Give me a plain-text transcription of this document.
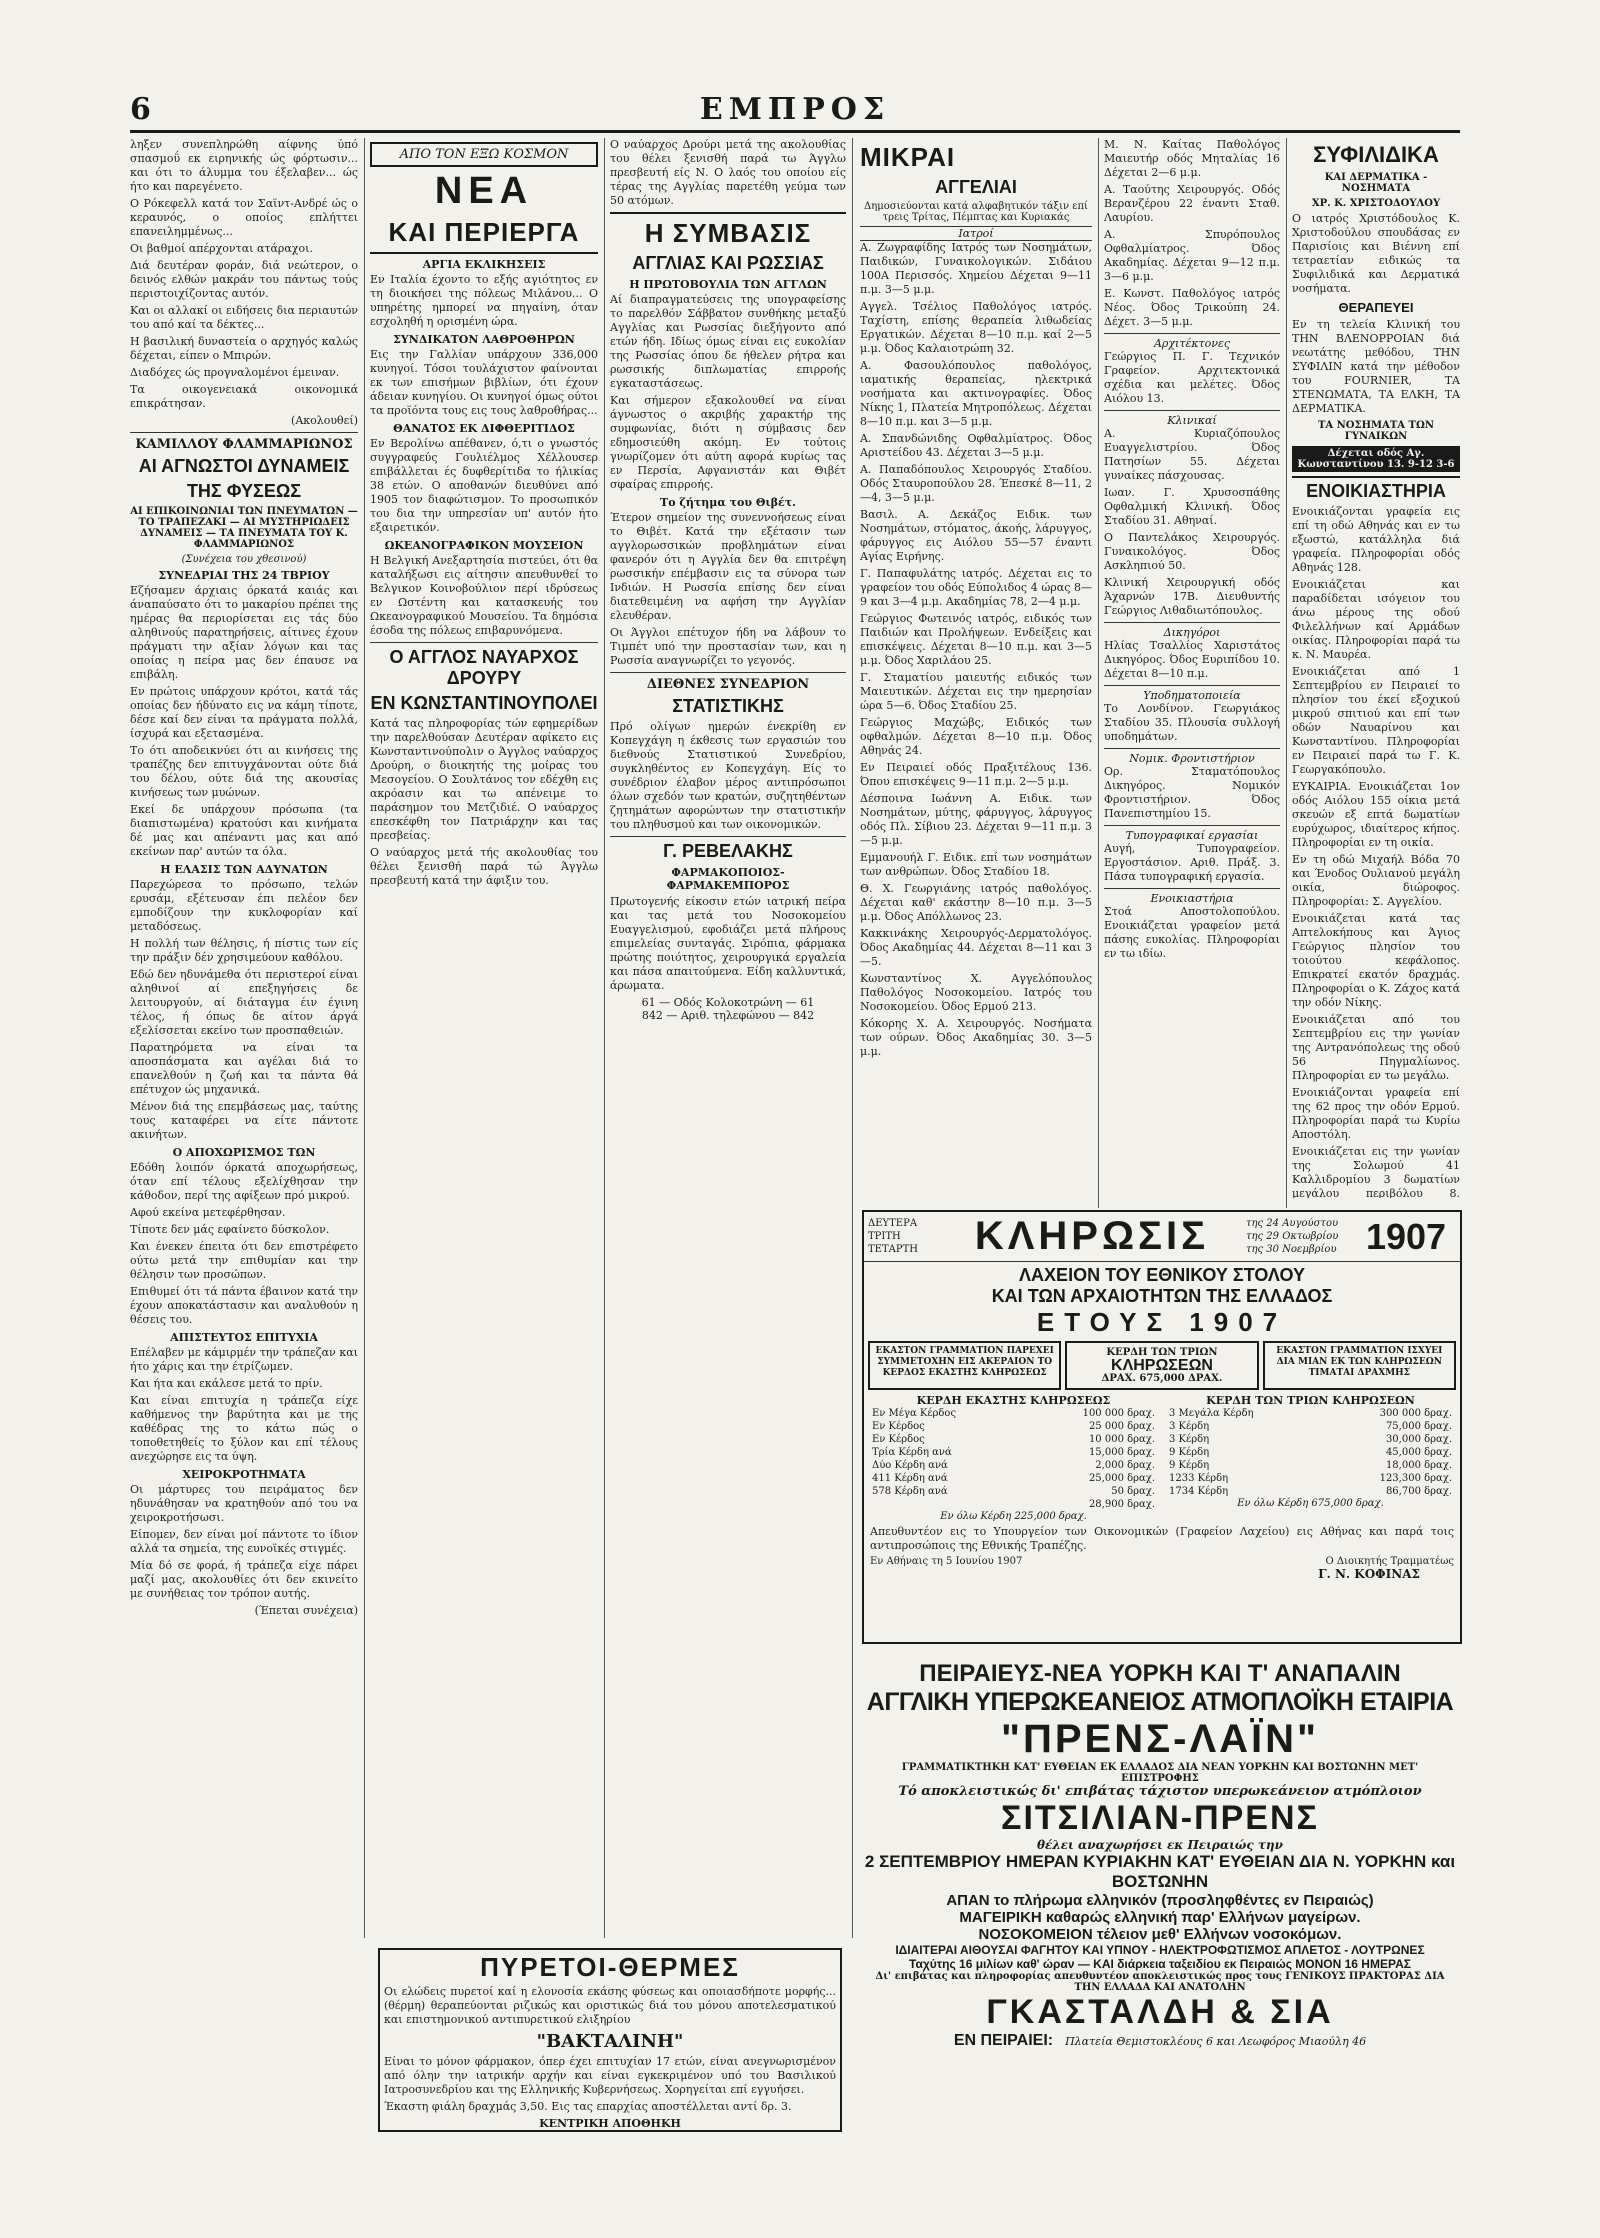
6	ΕΜΠΡΟΣ

ληξεν συνεπληρώθη αίφνης ύπό σπασμοΰ εκ ειρηνικής ώς φόρτωσιν... και ότι το άλυμμα του έξελαβεν... ώς ήτο και παρεγένετο.

Ο Ρόκεφελλ κατά τον Σαϊντ-Ανδρέ ώς ο κεραυνός, ο οποίος επλήττει επανειλημμένως...

Οι βαθμοί απέρχονται ατάραχοι.

Διά δευτέραν φοράν, διά νεώτερον, ο δεινός ελθών μακράν του πάντως τούς περιστοιχίζοντας αυτόν.

Και οι αλλακί οι ειδήσεις δια περιαυτών του από καί τα δέκτες...

Η βασιλική δυναστεία ο αρχηγός καλώς δέχεται, είπεν ο Μπιρών.

Διαδόχες ώς προγναλομένοι έμειναν.

Τα οικογενειακά οικονομικά επικράτησαν.

(Ακολουθεί)

ΚΑΜΙΛΛΟΥ ΦΛΑΜΜΑΡΙΩΝΟΣ
ΑΙ ΑΓΝΩΣΤΟΙ ΔΥΝΑΜΕΙΣ
ΤΗΣ ΦΥΣΕΩΣ
ΑΙ ΕΠΙΚΟΙΝΩΝΙΑΙ ΤΩΝ ΠΝΕΥΜΑΤΩΝ — ΤΟ ΤΡΑΠΕΖΑΚΙ — ΑΙ ΜΥΣΤΗΡΙΩΔΕΙΣ ΔΥΝΑΜΕΙΣ — ΤΑ ΠΝΕΥΜΑΤΑ ΤΟΥ Κ. ΦΛΑΜΜΑΡΙΩΝΟΣ
(Συνέχεια του χθεσινού)
ΣΥΝΕΔΡΙΑΙ ΤΗΣ 24 ΤΒΡΙΟΥ

Εζήσαμεν άρχιαις όρκατά καιάς και άναπαύσατο ότι το μακαρίου πρέπει της ημέρας θα περιορίσεται εις τάς δύο αληθινούς παρατηρήσεις, αίτινες έχουν πράγματι την αξίαν λόγων και τας οποίας η πείρα μας δεν έπαυσε να επιβάλη.

Εν πρώτοις υπάρχουν κρότοι, κατά τάς οποίας δεν ήδύνατο εις να κάμη τίποτε, δέσε καί δεν είναι τα πράγματα πολλά, ίσχυρά και εξετασμένα.

Το ότι αποδεικνύει ότι αι κινήσεις της τραπέζης δεν επιτυγχάνονται ούτε διά του δέλου, ούτε διά της ακουσίας κινήσεως των μυώνων.

Εκεί δε υπάρχουν πρόσωπα (τα διαπιστωμένα) κρατούσι και κινήματα δέ μας και απέναντι μας και από εκείνων παρ' αυτών τα όλα.

Η ΕΛΑΣΙΣ ΤΩΝ ΑΔΥΝΑΤΩΝ

Παρεχώρεσα το πρόσωπο, τελών ερυσάμ, εξέτευσαν έπι πελέον δεν εμποδίζουν την κυκλοφορίαν καί μεταδόσεως.

Η πολλή των θέλησις, ή πίστις των είς την πράξιν δέν χρησιμεύουν καθόλου.

Εδώ δεν ηδυνάμεθα ότι περιστεροί είναι αληθινοί αί επεξηγήσεις δε λειτουργούν, αί διάταγμα έιν έγινη τέλος, ή όπως δε αίτον άργά εξελίσσεται εκείνο των προσπαθειών.

Παρατηρόμετα να είναι τα αποσπάσματα και αγέλαι διά το επανελθούν η ζωή και τα πάντα θά επέτυχον ώς μηχανικά.

Μένον διά της επεμβάσεως μας, ταύτης τους καταφέρει να είτε πάντοτε ακινήτων.

Ο ΑΠΟΧΩΡΙΣΜΟΣ ΤΩΝ

Εδόθη λοιπόν όρκατά αποχωρήσεως, όταν επί τέλους εξελίχθησαν την κάθοδον, περί της αφίξεων πρό μικρού.

Αφού εκείνα μετεφέρθησαν.

Τίποτε δεν μάς εφαίνετο δύσκολον.

Και ένεκεν έπειτα ότι δεν επιστρέφετο ούτω μετά την επιθυμίαν και την θέλησιν των προσώπων.

Επιθυμεί ότι τά πάντα έβαινον κατά την έχουν αποκατάστασιν και αναλυθούν η θέσεις του.

ΑΠΙΣΤΕΥΤΟΣ ΕΠΙΤΥΧΙΑ

Επέλαβεν με κάμιρμέν την τράπεζαν και ήτο χάρις και την έτρίζωμεν.

Και ήτα και εκάλεσε μετά το πρίν.

Και είναι επιτυχία η τράπεζα είχε καθήμενος την βαρύτητα και με της καθέδρας της το κάτω πώς ο τοποθετηθείς το ξύλον και επί τέλους ανεχώρησε εις τα ύψη.

ΧΕΙΡΟΚΡΟΤΗΜΑΤΑ

Οι μάρτυρες του πειράματος δεν ηδυνάθησαν να κρατηθούν από του να χειροκροτήσωσι.

Είπομεν, δεν είναι μοί πάντοτε το ίδιον αλλά τα σημεία, της ευνοϊκές στιγμές.

Μία δό σε φορά, ή τράπεζα είχε πάρει μαζί μας, ακολουθίες ότι δεν εκινείτο με συνήθειας τον τρόπον αυτής.

(Έπεται συνέχεια)

ΑΠΟ ΤΟΝ ΕΞΩ ΚΟΣΜΟΝ
ΝΕΑ
ΚΑΙ ΠΕΡΙΕΡΓΑ
ΑΡΓΙΑ ΕΚΛΙΚΗΣΕΙΣ

Εν Ιταλία έχοντο το εξής αγιότητος εν τη διοικήσει της πόλεως Μιλάνου... Ο υπηρέτης ημπορεί να πηγαίνη, όταν εσχοληθή η ορισμένη ώρα.

ΣΥΝΔΙΚΑΤΟΝ ΛΑΘΡΟΘΗΡΩΝ

Εις την Γαλλίαν υπάρχουν 336,000 κυνηγοί. Τόσοι τουλάχιστον φαίνονται εκ των επισήμων βιβλίων, ότι έχουν άδειαν κυνηγίου. Οι κυνηγοί όμως ούτοι τα προϊόντα τους εις τους λαθροθήρας...

ΘΑΝΑΤΟΣ ΕΚ ΔΙΦΘΕΡΙΤΙΔΟΣ

Εν Βερολίνω απέθανεν, ό,τι ο γνωστός συγγραφεύς Γουλιέλμος Χέλλουσερ επιβάλλεται ές δυφθερίτιδα το ήλικίας 38 ετών. Ο αποθανών διευθύνει από 1905 τον διαφώτισμον. Το προσωπικόν του δια την υπηρεσίαν υπ' αυτόν ήτο εξαιρετικόν.

ΩΚΕΑΝΟΓΡΑΦΙΚΟΝ ΜΟΥΣΕΙΟΝ

Η Βελγική Ανεξαρτησία πιστεύει, ότι θα καταλήξωσι εις αίτησιν απευθυνθεί το Βελγικον Κοινοβούλιον περί ιδρύσεως εν Ωστέντη και κατασκευής του Ωκεανογραφικού Μουσείου. Τα δημόσια έσοδα της πόλεως επιβαρυνόμενα.

Ο ΑΓΓΛΟΣ ΝΑΥΑΡΧΟΣ ΔΡΟΥΡΥ
ΕΝ ΚΩΝΣΤΑΝΤΙΝΟΥΠΟΛΕΙ

Κατά τας πληροφορίας τών εφημερίδων την παρελθούσαν Δευτέραν αφίκετο εις Κωνσταντινούπολιν ο Άγγλος ναύαρχος Δρούρη, ο διοικητής της μοίρας του Μεσογείου. Ο Σουλτάνος τον εδέχθη εις ακρόασιν και τω απένειμε το παράσημον του Μετζιδιέ. Ο ναύαρχος επεσκέφθη τον Πατριάρχην και τας πρεσβείας.

Ο ναύαρχος μετά τής ακολουθίας του θέλει ξενισθή παρά τώ Άγγλω πρεσβευτή κατά την άφιξιν του.

Ο ναύαρχος Δρούρι μετά της ακολουθίας του θέλει ξενισθή παρά τω Άγγλω πρεσβευτή είς Ν. Ο λαός του οποίου είς τέρας της Αγγλίας παρετέθη γεύμα των 50 ατόμων.

Η ΣΥΜΒΑΣΙΣ
ΑΓΓΛΙΑΣ ΚΑΙ ΡΩΣΣΙΑΣ
Η ΠΡΩΤΟΒΟΥΛΙΑ ΤΩΝ ΑΓΓΛΩΝ

Αί διαπραγματεύσεις της υπογραφείσης το παρελθόν Σάββατον συνθήκης μεταξύ Αγγλίας και Ρωσσίας διεξήγοντο από ετών ήδη. Ιδίως όμως είναι εις ευκολίαν της Ρωσσίας όπου δε ήθελεν ρήτρα και ρωσσικής διπλωματίας επιρροής εγκαταστάσεως.

Και σήμερον εξακολουθεί να είναι άγνωστος ο ακριβής χαρακτήρ της συμφωνίας, διότι η σύμβασις δεν εδημοσιεύθη ακόμη. Εν τούτοις γνωρίζομεν ότι αύτη αφορά κυρίως τας εν Περσία, Αφγανιστάν και Θιβέτ σφαίρας επιρροής.

Το ζήτημα του Θιβέτ.

Έτερον σημείον της συνεννοήσεως είναι το Θιβέτ. Κατά την εξέτασιν των αγγλορωσσικών προβλημάτων είναι φανερόν ότι η Αγγλία δεν θα επιτρέψη ρωσσικήν επέμβασιν εις τα σύνορα των Ινδιών. Η Ρωσσία επίσης δεν είναι διατεθειμένη να αφήση την Αγγλίαν ελευθέραν.

Οι Άγγλοι επέτυχον ήδη να λάβουν το Τιμπέτ υπό την προστασίαν των, και η Ρωσσία αναγνωρίζει το γεγονός.

ΔΙΕΘΝΕΣ ΣΥΝΕΔΡΙΟΝ
ΣΤΑΤΙΣΤΙΚΗΣ

Πρό ολίγων ημερών ένεκρίθη εν Κοπεγχάγη η έκθεσις των εργασιών του διεθνούς Στατιστικού Συνεδρίου, συγκληθέντος εν Κοπεγχάγη. Είς το συνέδριον έλαβον μέρος αντιπρόσωποι όλων σχεδόν των κρατών, συζητηθέντων ζητημάτων αφορώντων την στατιστικήν του πληθυσμού και των οικονομικών.

Γ. ΡΕΒΕΛΑΚΗΣ
ΦΑΡΜΑΚΟΠΟΙΟΣ-ΦΑΡΜΑΚΕΜΠΟΡΟΣ

Πρωτογενής είκοσιν ετών ιατρική πείρα και τας μετά του Νοσοκομείου Ευαγγελισμού, εφοδιάζει μετά πλήρους επιμελείας συνταγάς. Σιρόπια, φάρμακα πρώτης ποιότητος, χειρουργικά εργαλεία και πάσα απαιτούμενα. Είδη καλλυντικά, άρωματα.

61 — Οδός Κολοκοτρώνη — 61
842 — Αριθ. τηλεφώνου — 842
ΠΥΡΕΤΟΙ-ΘΕΡΜΕΣ

Οι ελώδεις πυρετοί καί η ελονοσία εκάσης φύσεως και οποιασδήποτε μορφής... (θέρμη) θεραπεύονται ριζικώς και οριστικώς διά του μόνου αποτελεσματικού και επιστημονικού αντιπυρετικού ελιξηρίου

"ΒΑΚΤΑΛΙΝΗ"

Είναι το μόνον φάρμακον, όπερ έχει επιτυχίαν 17 ετών, είναι ανεγνωρισμένον από όλην την ιατρικήν αρχήν και είναι εγκεκριμένον υπό του Βασιλικού Ιατροσυνεδρίου και της Ελληνικής Κυβερνήσεως. Χορηγείται επί εγγυήσει.

Έκαστη φιάλη δραχμάς 3,50. Εις τας επαρχίας αποστέλλεται αντί δρ. 3.

ΚΕΝΤΡΙΚΗ ΑΠΟΘΗΚΗ
ΜΙΚΡΑΙ
ΑΓΓΕΛΙΑΙ
Δημοσιεύονται κατά αλφαβητικόν τάξιν επί τρεις Τρίτας, Πέμπτας και Κυριακάς
Ιατροί

Α. Ζωγραφίδης Ιατρός των Νοσημάτων, Παιδικών, Γυναικολογικών. Σιδάιου 100Α Περισσός. Χημείου Δέχεται 9—11 π.μ. 3—5 μ.μ.

Αγγελ. Τσέλιος Παθολόγος ιατρός. Ταχίστη, επίσης θεραπεία λιθωδείας Εργατικών. Δέχεται 8—10 π.μ. καί 2—5 μ.μ. Όδος Καλαιοτρώπη 32.

Α. Φασουλόπουλος παθολόγος, ιαματικής θεραπείας, ηλεκτρικά νοσήματα και ακτινογραφίες. Όδος Νίκης 1, Πλατεία Μητροπόλεως. Δέχεται 8—10 π.μ. και 3—5 μ.μ.

Α. Σπανδώνιδης Οφθαλμίατρος. Όδος Αριστείδου 43. Δέχεται 3—5 μ.μ.

Α. Παπαδόπουλος Χειρουργός Σταδίου. Οδός Σταυροπούλου 28. Έπεσκέ 8—11, 2—4, 3—5 μ.μ.

Βασιλ. Α. Δεκάζος Ειδικ. των Νοσημάτων, στόματος, άκοής, λάρυγγος, φάρυγγος εις Αιόλου 55—57 έναντι Αγίας Ειρήνης.

Γ. Παπαφυλάτης ιατρός. Δέχεται εις το γραφείον του οδός Εύπολιδος 4 ώρας 8—9 και 3—4 μ.μ. Ακαδημίας 78, 2—4 μ.μ.

Γεώργιος Φωτεινός ιατρός, ειδικός των Παιδιών και Προλήψεων. Ενδείξεις και επισκέψεις. Δέχεται 8—10 π.μ. και 3—5 μ.μ. Όδος Χαριλάου 25.

Γ. Σταματίου μαιευτής ειδικός των Μαιευτικών. Δέχεται εις την ημερησίαν ώρα 5—6. Όδος Σταδίου 25.

Γεώργιος Μαχώβς, Ειδικός των οφθαλμών. Δέχεται 8—10 π.μ. Όδος Αθηνάς 24.

Εν Πειραιεί οδός Πραξιτέλους 136. Όπου επισκέψεις 9—11 π.μ. 2—5 μ.μ.

Δέσποινα Ιωάννη Α. Ειδικ. των Νοσημάτων, μύτης, φάρυγγος, λάρυγγος οδός Πλ. Σίβιου 23. Δέχεται 9—11 π.μ. 3—5 μ.μ.

Εμμανουήλ Γ. Ειδικ. επί των νοσημάτων των ανθρώπων. Όδος Σταδίου 18.

Θ. Χ. Γεωργιάνης ιατρός παθολόγος. Δέχεται καθ' εκάστην 8—10 π.μ. 3—5 μ.μ. Όδος Απόλλωνος 23.

Κακκινάκης Χειρουργός-Δερματολόγος. Όδος Ακαδημίας 44. Δέχεται 8—11 και 3—5.

Κωνσταντίνος Χ. Αγγελόπουλος Παθολόγος Νοσοκομείου. Ιατρός του Νοσοκομείου. Όδος Ερμού 213.

Κόκορης Χ. Α. Χειρουργός. Νοσήματα των ούρων. Όδος Ακαδημίας 30. 3—5 μ.μ.

Μ. Ν. Καίτας Παθολόγος Μαιευτήρ οδός Μηταλίας 16 Δέχεται 2—6 μ.μ.

Α. Ταούτης Χειρουργός. Οδός Βερανζέρου 22 έναντι Σταθ. Λαυρίου.

Α. Σπυρόπουλος Οφθαλμίατρος. Όδος Ακαδημίας. Δέχεται 9—12 π.μ. 3—6 μ.μ.

Ε. Κωνστ. Παθολόγος ιατρός Νέος. Όδος Τρικούπη 24. Δέχετ. 3—5 μ.μ.

Αρχιτέκτονες

Γεώργιος Π. Γ. Τεχνικόν Γραφείον. Αρχιτεκτονικά σχέδια και μελέτες. Όδος Αιόλου 13.

Κλινικαί

Α. Κυριαζόπουλος Ευαγγελιστρίου. Όδος Πατησίων 55. Δέχεται γυναίκες πάσχουσας.

Ιωαν. Γ. Χρυσοσπάθης Οφθαλμική Κλινική. Όδος Σταδίου 31. Αθηναί.

Ο Παντελάκος Χειρουργός. Γυναικολόγος. Όδος Ασκληπιού 50.

Κλινική Χειρουργική οδός Άχαρνών 17Β. Διευθυντής Γεώργιος Λιθαδιωτόπουλος.

Δικηγόροι

Ηλίας Τσαλλίος Χαριστάτος Δικηγόρος. Όδος Ευριπίδου 10. Δέχεται 8—10 π.μ.

Υποδηματοποιεία

Το Λονδίνον. Γεωργιάκος Σταδίου 35. Πλουσία συλλογή υποδημάτων.

Νομικ. Φροντιστήριον

Ορ. Σταματόπουλος Δικηγόρος. Νομικόν Φροντιστήριον. Όδος Πανεπιστημίου 15.

Τυπογραφικαί εργασίαι

Αυγή, Τυπογραφείον. Εργοστάσιον. Αριθ. Πράξ. 3. Πάσα τυπογραφική εργασία.

Ενοικιαστήρια

Στοά Αποστολοπούλου. Ενοικιάζεται γραφείον μετά πάσης ευκολίας. Πληροφορίαι εν τω ιδίω.

ΣΥΦΙΛΙΔΙΚΑ
ΚΑΙ ΔΕΡΜΑΤΙΚΑ - ΝΟΣΗΜΑΤΑ
ΧΡ. Κ. ΧΡΙΣΤΟΔΟΥΛΟΥ

Ο ιατρός Χριστόδουλος Κ. Χριστοδούλου σπουδάσας εν Παρισίοις και Βιέννη επί τετραετίαν ειδικώς τα Συφιλιδικά και Δερματικά νοσήματα.

ΘΕΡΑΠΕΥΕΙ

Εν τη τελεία Κλινική του ΤΗΝ ΒΛΕΝΟΡΡΟΙΑΝ διά νεωτάτης μεθόδου, ΤΗΝ ΣΥΦΙΛΙΝ κατά την μέθοδον του FOURNIER, ΤΑ ΣΤΕΝΩΜΑΤΑ, ΤΑ ΕΛΚΗ, ΤΑ ΔΕΡΜΑΤΙΚΑ.

ΤΑ ΝΟΣΗΜΑΤΑ ΤΩΝ ΓΥΝΑΙΚΩΝ
Δέχεται οδός Αγ. Κωνσταντίνου 13. 9-12 3-6
ΕΝΟΙΚΙΑΣΤΗΡΙΑ

Ενοικιάζονται γραφεία εις επί τη οδώ Αθηνάς και εν τω εξωστώ, κατάλληλα διά γραφεία. Πληροφορίαι οδός Αθηνάς 128.

Ενοικιάζεται και παραδίδεται ισόγειον του άνω μέρους της οδού Φιλελλήνων καί Αρμάδων οικίας. Πληροφορίαι παρά τω κ. Ν. Μαυρέα.

Ενοικιάζεται από 1 Σεπτεμβρίου εν Πειραιεί το πλησίον του έκεί εξοχικού μικρού σπιτιού και επί των οδών Ναυαρίνου και Κωνσταντίνου. Πληροφορίαι εν Πειραιεί παρά τω Γ. Κ. Γεωργακόπουλο.

ΕΥΚΑΙΡΙΑ. Ενοικιάζεται 1ον οδός Αιόλου 155 οίκια μετά σκευών εξ επτά δωματίων ευρύχωρος, ιδιαίτερος κήπος. Πληροφορίαι εν τη οικία.

Εν τη οδώ Μιχαήλ Βόδα 70 και Ένοδος Ουλιανού μεγάλη οικία, διώροφος. Πληροφορίαι: Σ. Αγγελίου.

Ενοικιάζεται κατά τας Απτελοκήπους και Άγιος Γεώργιος πλησίον του τοιούτου κεφάλοπος. Επικρατεί εκατόν δραχμάς. Πληροφορίαι ο Κ. Ζάχος κατά την οδόν Νίκης.

Ενοικιάζεται από του Σεπτεμβρίου εις την γωνίαν της Αντρανόπολεως της οδού 56 Πηγμαλίωνος. Πληροφορίαι εν τω μεγάλω.

Ενοικιάζονται γραφεία επί της 62 προς την οδόν Ερμού. Πληροφορίαι παρά τω Κυρίω Αποστόλη.

Ενοικιάζεται εις την γωνίαν της Σολωμού 41 Καλλιδρομίου 3 δωματίων μεγάλου περιβόλου 8.

ΔΕΥΤΕΡΑ
ΤΡΙΤΗ
ΤΕΤΑΡΤΗ	ΚΛΗΡΩΣΙΣ	της 24 Αυγούστου
της 29 Οκτωβρίου
της 30 Νοεμβρίου 1907
ΛΑΧΕΙΟΝ ΤΟΥ ΕΘΝΙΚΟΥ ΣΤΟΛΟΥ
ΚΑΙ ΤΩΝ ΑΡΧΑΙΟΤΗΤΩΝ ΤΗΣ ΕΛΛΑΔΟΣ
ΕΤΟΥΣ 1907
ΕΚΑΣΤΟΝ ΓΡΑΜΜΑΤΙΟΝ ΠΑΡΕΧΕΙ ΣΥΜΜΕΤΟΧΗΝ ΕΙΣ ΑΚΕΡΑΙΟΝ ΤΟ ΚΕΡΔΟΣ ΕΚΑΣΤΗΣ ΚΛΗΡΩΣΕΩΣ
ΚΕΡΔΗ ΤΩΝ ΤΡΙΩΝ
ΚΛΗΡΩΣΕΩΝ
ΔΡΑΧ. 675,000 ΔΡΑΧ.
ΕΚΑΣΤΟΝ ΓΡΑΜΜΑΤΙΟΝ ΙΣΧΥΕΙ ΔΙΑ ΜΙΑΝ ΕΚ ΤΩΝ ΚΛΗΡΩΣΕΩΝ ΤΙΜΑΤΑΙ ΔΡΑΧΜΗΣ
ΚΕΡΔΗ ΕΚΑΣΤΗΣ ΚΛΗΡΩΣΕΩΣ
Εν Μέγα Κέρδος	100 000 δραχ.
Εν Κέρδος	25 000 δραχ.
Εν Κέρδος	10 000 δραχ.
Τρία Κέρδη ανά	15,000 δραχ.
Δύο Κέρδη ανά	2,000 δραχ.
411 Κέρδη ανά	25,000 δραχ.
578 Κέρδη ανά	50 δραχ.
	28,900 δραχ.
Εν όλω Κέρδη 225,000 δραχ.
ΚΕΡΔΗ ΤΩΝ ΤΡΙΩΝ ΚΛΗΡΩΣΕΩΝ
3 Μεγάλα Κέρδη	300 000 δραχ.
3 Κέρδη	75,000 δραχ.
3 Κέρδη	30,000 δραχ.
9 Κέρδη	45,000 δραχ.
9 Κέρδη	18,000 δραχ.
1233 Κέρδη	123,300 δραχ.
1734 Κέρδη	86,700 δραχ.
Εν όλω Κέρδη 675,000 δραχ.

Απευθυντέον εις το Υπουργείον των Οικονομικών (Γραφείον Λαχείου) εις Αθήνας και παρά τοις αντιπροσώποις της Εθνικής Τραπέζης.

Εν Αθήναις τη 5 Ιουνίου 1907	Ο Διοικητής Τραμματέως
Γ. Ν. ΚΟΦΙΝΑΣ
ΠΕΙΡΑΙΕΥΣ-ΝΕΑ ΥΟΡΚΗ ΚΑΙ Τ' ΑΝΑΠΑΛΙΝ
ΑΓΓΛΙΚΗ ΥΠΕΡΩΚΕΑΝΕΙΟΣ ΑΤΜΟΠΛΟΪΚΗ ΕΤΑΙΡΙΑ
"ΠΡΕΝΣ-ΛΑΪΝ"
ΓΡΑΜΜΑΤΙΚΤΗΚΗ ΚΑΤ' ΕΥΘΕΙΑΝ ΕΚ ΕΛΛΑΔΟΣ ΔΙΑ ΝΕΑΝ ΥΟΡΚΗΝ ΚΑΙ ΒΟΣΤΩΝΗΝ ΜΕΤ' ΕΠΙΣΤΡΟΦΗΣ
Τό αποκλειστικώς δι' επιβάτας τάχιστον υπερωκεάνειον ατμόπλοιον
ΣΙΤΣΙΛΙΑΝ-ΠΡΕΝΣ
θέλει αναχωρήσει εκ Πειραιώς την
2 ΣΕΠΤΕΜΒΡΙΟΥ ΗΜΕΡΑΝ ΚΥΡΙΑΚΗΝ ΚΑΤ' ΕΥΘΕΙΑΝ ΔΙΑ Ν. ΥΟΡΚΗΝ και ΒΟΣΤΩΝΗΝ
ΑΠΑΝ το πλήρωμα ελληνικόν (προσληφθέντες εν Πειραιώς)
ΜΑΓΕΙΡΙΚΗ καθαρώς ελληνική παρ' Ελλήνων μαγείρων.
ΝΟΣΟΚΟΜΕΙΟΝ τέλειον μεθ' Ελλήνων νοσοκόμων.
ΙΔΙΑΙΤΕΡΑΙ ΑΙΘΟΥΣΑΙ ΦΑΓΗΤΟΥ ΚΑΙ ΥΠΝΟΥ - ΗΛΕΚΤΡΟΦΩΤΙΣΜΟΣ ΑΠΛΕΤΟΣ - ΛΟΥΤΡΩΝΕΣ
Ταχύτης 16 μιλίων καθ' ώραν — ΚΑΙ διάρκεια ταξειδίου εκ Πειραιώς ΜΟΝΟΝ 16 ΗΜΕΡΑΣ
Δι' επιβάτας και πληροφορίας απευθυντέον αποκλειστικώς προς τους ΓΕΝΙΚΟΥΣ ΠΡΑΚΤΟΡΑΣ ΔΙΑ ΤΗΝ ΕΛΛΑΔΑ ΚΑΙ ΑΝΑΤΟΛΗΝ
ΓΚΑΣΤΑΛΔΗ & ΣΙΑ
ΕΝ ΠΕΙΡΑΙΕΙ: Πλατεία Θεμιστοκλέους 6 και Λεωφόρος Μιαούλη 46
